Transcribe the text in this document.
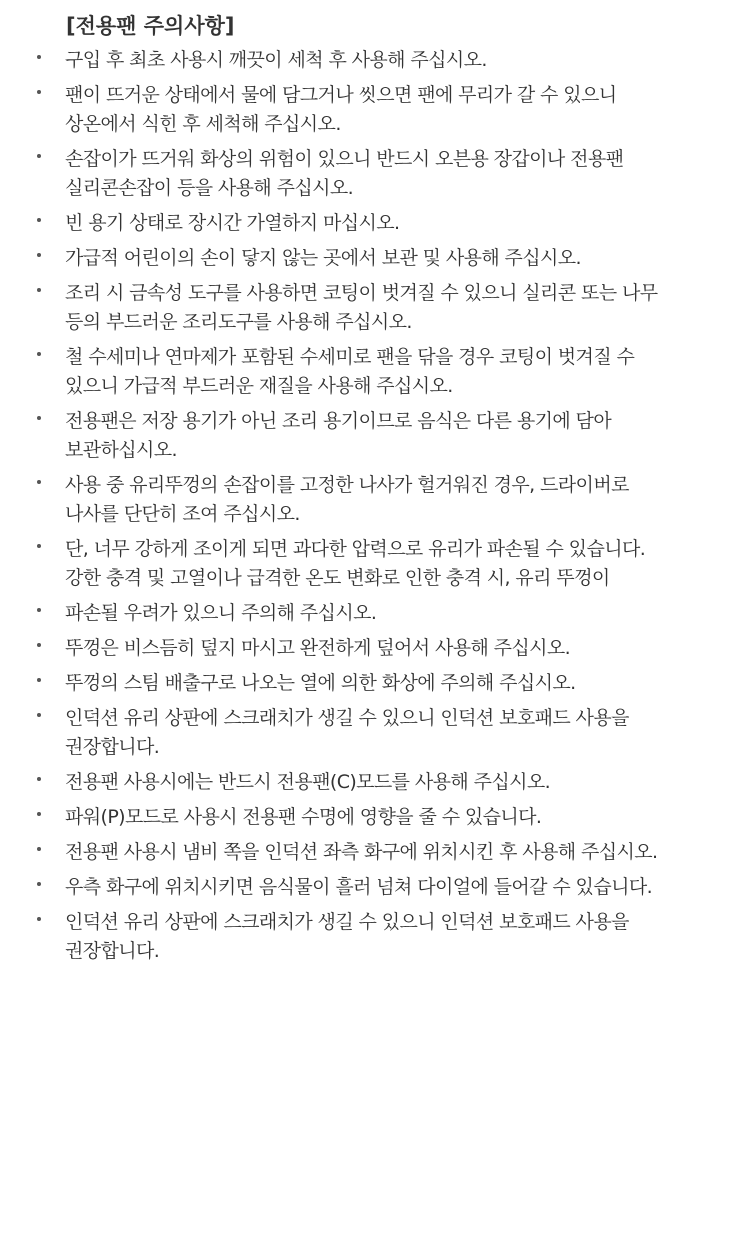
[전용팬 주의사항]
구입 후 최초 사용시 깨끗이 세척 후 사용해 주십시오.
팬이 뜨거운 상태에서 물에 담그거나 씻으면 팬에 무리가 갈 수 있으니
상온에서 식힌 후 세척해 주십시오.
손잡이가 뜨거워 화상의 위험이 있으니 반드시 오븐용 장갑이나 전용팬
실리콘손잡이 등을 사용해 주십시오.
빈 용기 상태로 장시간 가열하지 마십시오.
가급적 어린이의 손이 닿지 않는 곳에서 보관 및 사용해 주십시오.
조리 시 금속성 도구를 사용하면 코팅이 벗겨질 수 있으니 실리콘 또는 나무
등의 부드러운 조리도구를 사용해 주십시오.
철 수세미나 연마제가 포함된 수세미로 팬을 닦을 경우 코팅이 벗겨질 수
있으니 가급적 부드러운 재질을 사용해 주십시오.
전용팬은 저장 용기가 아닌 조리 용기이므로 음식은 다른 용기에 담아
보관하십시오.
사용 중 유리뚜껑의 손잡이를 고정한 나사가 헐거워진 경우, 드라이버로
나사를 단단히 조여 주십시오.
단, 너무 강하게 조이게 되면 과다한 압력으로 유리가 파손될 수 있습니다.
강한 충격 및 고열이나 급격한 온도 변화로 인한 충격 시, 유리 뚜껑이
파손될 우려가 있으니 주의해 주십시오.
뚜껑은 비스듬히 덮지 마시고 완전하게 덮어서 사용해 주십시오.
뚜껑의 스팀 배출구로 나오는 열에 의한 화상에 주의해 주십시오.
인덕션 유리 상판에 스크래치가 생길 수 있으니 인덕션 보호패드 사용을
권장합니다.
전용팬 사용시에는 반드시 전용팬(C)모드를 사용해 주십시오.
파워(P)모드로 사용시 전용팬 수명에 영향을 줄 수 있습니다.
전용팬 사용시 냄비 쪽을 인덕션 좌측 화구에 위치시킨 후 사용해 주십시오.
우측 화구에 위치시키면 음식물이 흘러 넘쳐 다이얼에 들어갈 수 있습니다.
인덕션 유리 상판에 스크래치가 생길 수 있으니 인덕션 보호패드 사용을
권장합니다.
